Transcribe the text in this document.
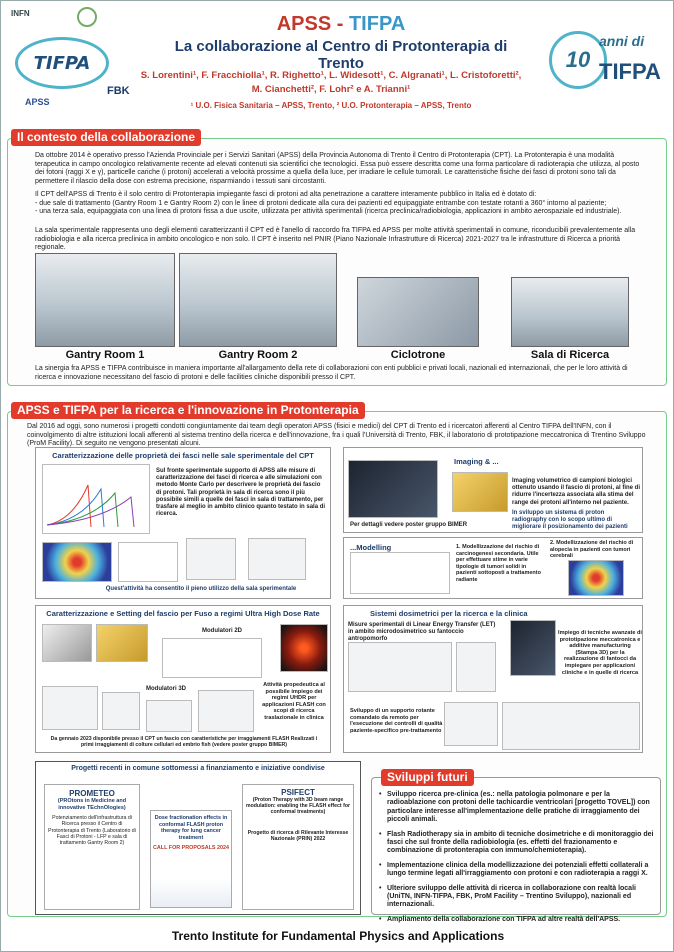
INFN
TIFPA
APSS
FBK
APSS - TIFPA
La collaborazione al Centro di Protonterapia di Trento
S. Lorentini¹, F. Fracchiolla¹, R. Righetto¹, L. Widesott¹, C. Algranati¹, L. Cristoforetti²,
M. Cianchetti², F. Lohr² e A. Trianni¹
¹ U.O. Fisica Sanitaria – APSS, Trento, ² U.O. Protonterapia – APSS, Trento
10
anni di
TIFPA
Il contesto della collaborazione
Da ottobre 2014 è operativo presso l'Azienda Provinciale per i Servizi Sanitari (APSS) della Provincia Autonoma di Trento il Centro di Protonterapia (CPT). La Protonterapia è una modalità terapeutica in campo oncologico relativamente recente ad elevati contenuti sia scientifici che tecnologici. Essa può essere descritta come una forma particolare di radioterapia che utilizza, al posto dei fotoni (raggi X e γ), particelle cariche (i protoni) accelerati a velocità prossime a quella della luce, per irradiare le cellule tumorali. Le caratteristiche fisiche dei fasci di protoni sono tali da permettere il rilascio della dose con estrema precisione, risparmiando i tessuti sani circostanti.
Il CPT dell'APSS di Trento è il solo centro di Protonterapia impiegante fasci di protoni ad alta penetrazione a carattere interamente pubblico in Italia ed è dotato di:
- due sale di trattamento (Gantry Room 1 e Gantry Room 2) con le linee di protoni dedicate alla cura dei pazienti ed equipaggiate entrambe con testate rotanti a 360° intorno al paziente;
- una terza sala, equipaggiata con una linea di protoni fissa a due uscite, utilizzata per attività sperimentali (ricerca preclinica/radiobiologia, applicazioni in ambito aerospaziale ed industriale).
La sala sperimentale rappresenta uno degli elementi caratterizzanti il CPT ed è l'anello di raccordo fra TIFPA ed APSS per molte attività sperimentali in comune, riconducibili prevalentemente alla radiobiologia e alla ricerca preclinica in ambito oncologico e non solo. Il CPT è inserito nel PNIR (Piano Nazionale Infrastrutture di Ricerca) 2021-2027 tra le infrastrutture di Ricerca a priorità regionale.
Gantry Room 1	Gantry Room 2	Ciclotrone	Sala di Ricerca
La sinergia fra APSS e TIFPA contribuisce in maniera importante all'allargamento della rete di collaborazioni con enti pubblici e privati locali, nazionali ed internazionali, che per le loro attività di ricerca e innovazione necessitano del fascio di protoni e delle facilities cliniche disponibili presso il CPT.
APSS e TIFPA per la ricerca e l'innovazione in Protonterapia
Dal 2016 ad oggi, sono numerosi i progetti condotti congiuntamente dai team degli operatori APSS (fisici e medici) del CPT di Trento ed i ricercatori afferenti al Centro TIFPA dell'INFN, con il coinvolgimento di altre istituzioni locali afferenti al sistema trentino della ricerca e dell'innovazione, fra i quali l'Università di Trento, FBK, il laboratorio di prototipazione meccatronica di Trentino Sviluppo (ProM Facility). Di seguito ne vengono presentati alcuni.
Caratterizzazione delle proprietà dei fasci nelle sale sperimentale del CPT
Sul fronte sperimentale supporto di APSS alle misure di caratterizzazione dei fasci di ricerca e alle simulazioni con metodo Monte Carlo per descrivere le proprietà dei fascio di protoni. Tali proprietà in sala di ricerca sono il più possibile simili a quelle dei fasci in sala di trattamento, per trasfare al meglio in ambito clinico quanto testato in sala di ricerca.
Quest'attività ha consentito il pieno utilizzo della sala sperimentale
Imaging & ...
Imaging volumetrico di campioni biologici ottenuto usando il fascio di protoni, al fine di ridurre l'incertezza associata alla stima del range dei protoni all'interno nel paziente.
In sviluppo un sistema di proton radiography con lo scopo ultimo di migliorare il posizionamento dei pazienti
Per dettagli vedere poster gruppo BIMER
...Modelling	1. Modellizzazione del rischio di carcinogenesi secondaria. Utile per effettuare stime in varie tipologie di tumori solidi in pazienti sottoposti a trattamento radiante
2. Modellizzazione del rischio di alopecia in pazienti con tumori cerebrali
Caratterizzazione e Setting del fascio per Fuso a regimi Ultra High Dose Rate
Modulatori 2D
Modulatori 3D
Attività propedeutica al possibile impiego dei regimi UHDR per applicazioni FLASH con scopi di ricerca traslazionale in clinica
Da gennaio 2023 disponibile presso il CPT un fascio con caratteristiche per irraggiamenti FLASH Realizzati i primi irraggiamenti di colture cellulari ed embrio fish (vedere poster gruppo BIMER)
Sistemi dosimetrici per la ricerca e la clinica
Misure sperimentali di Linear Energy Transfer (LET) in ambito microdosimetrico su fantoccio antropomorfo
Impiego di tecniche avanzate di prototipazione meccatronica e additive manufacturing (Stampa 3D) per la realizzazione di fantocci da impiegare per applicazioni cliniche e in quelle di ricerca
Sviluppo di un supporto rotante comandato da remoto per l'esecuzione dei controlli di qualità paziente-specifico pre-trattamento
Progetti recenti in comune sottomessi a finanziamento e iniziative condivise
PROMETEO
(PROtons in Medicine and innovative TEchnOlogies)
Potenziamento dell'infrastruttura di Ricerca presso il Centro di Protonterapia di Trento (Laboratorio di Fasci di Protoni - LFP e sala di trattamento Gantry Room 2)
Dose fractionation effects in conformal FLASH proton therapy for lung cancer treatment
CALL FOR PROPOSALS 2024
PSIFECT
(Proton Therapy with 3D beam range modulation: enabling the FLASH effect for conformal treatments)
Progetto di ricerca di Rilevante Interesse Nazionale (PRIN) 2022
Sviluppi futuri
• Sviluppo ricerca pre-clinica (es.: nella patologia polmonare e per la radioablazione con protoni delle tachicardie ventricolari [progetto TOVEL]) con particolare interesse all'implementazione delle pratiche di irraggiamento dei piccoli animali.
• Flash Radiotherapy sia in ambito di tecniche dosimetriche e di monitoraggio dei fasci che sul fronte della radiobiologia (es. effetti del frazionamento e combinazione di protonterapia con immuno/chemioterapia).
• Implementazione clinica della modellizzazione dei potenziali effetti collaterali a lungo termine legati all'irraggiamento con protoni e con radioterapia a raggi X.
• Ulteriore sviluppo delle attività di ricerca in collaborazione con realtà locali (UniTN, INFN-TIFPA, FBK, ProM Facility – Trentino Sviluppo), nazionali ed internazionali.
• Ampliamento della collaborazione con TIFPA ad altre realtà dell'APSS.
Trento Institute for Fundamental Physics and Applications
